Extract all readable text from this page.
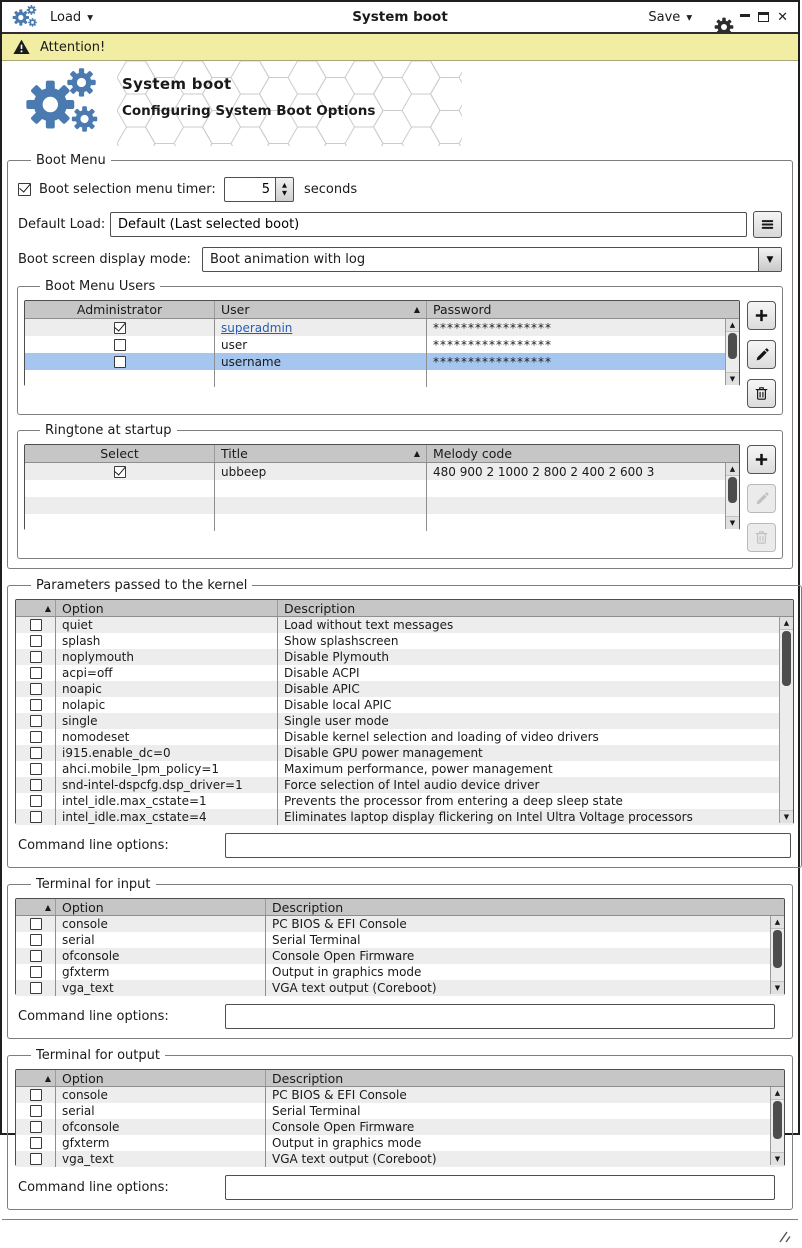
Load ▼	System boot	Save ▼	✕
Attention!
System boot
Configuring System Boot Options
Boot Menu
Boot selection menu timer:
5	▲
▼ seconds
Default Load:
Default (Last selected boot)
Boot screen display mode:	Boot animation with log	▼
Boot Menu Users
Administrator	User	▲ Password
superadmin	*****************
user	*****************
username	*****************
▲
▼
Ringtone at startup
Select	Title	▲ Melody code
ubbeep	480 900 2 1000 2 800 2 400 2 600 3	▲
▼
Parameters passed to the kernel
▲ Option	Description
quiet	Load without text messages
splash	Show splashscreen
noplymouth	Disable Plymouth
acpi=off	Disable ACPI
noapic	Disable APIC
nolapic	Disable local APIC
single	Single user mode
nomodeset	Disable kernel selection and loading of video drivers
i915.enable_dc=0	Disable GPU power management
ahci.mobile_lpm_policy=1	Maximum performance, power management
snd-intel-dspcfg.dsp_driver=1	Force selection of Intel audio device driver
intel_idle.max_cstate=1	Prevents the processor from entering a deep sleep state
intel_idle.max_cstate=4	Eliminates laptop display flickering on Intel Ultra Voltage processors
▲
▼
Command line options:
Terminal for input
▲ Option	Description
console	PC BIOS & EFI Console
serial	Serial Terminal
ofconsole	Console Open Firmware
gfxterm	Output in graphics mode
vga_text	VGA text output (Coreboot)
▲
▼
Command line options:
Terminal for output
▲ Option	Description
console	PC BIOS & EFI Console
serial	Serial Terminal
ofconsole	Console Open Firmware
gfxterm	Output in graphics mode
vga_text	VGA text output (Coreboot)
▲
▼
Command line options:
